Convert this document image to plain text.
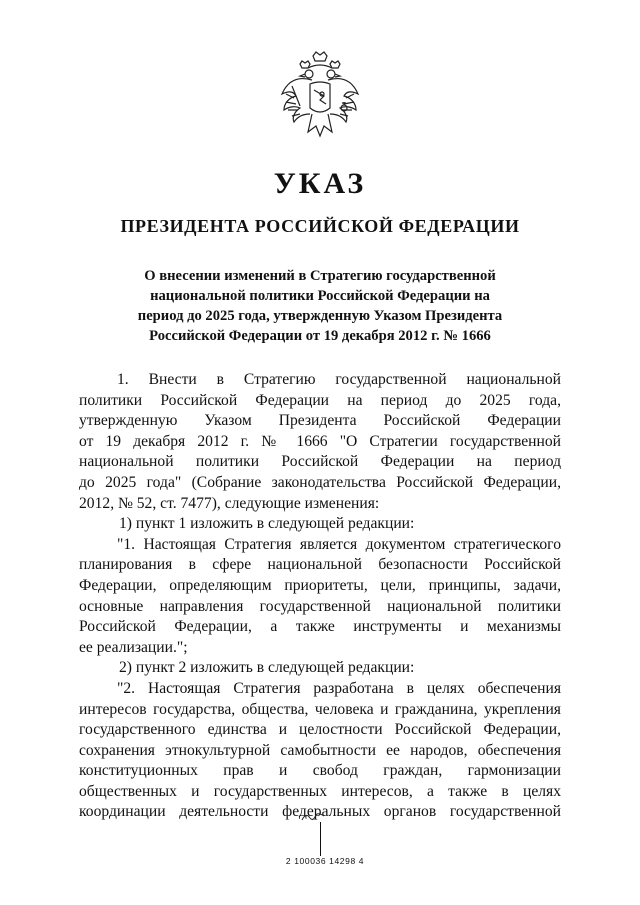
УКАЗ
ПРЕЗИДЕНТА РОССИЙСКОЙ ФЕДЕРАЦИИ
О внесении изменений в Стратегию государственной
национальной политики Российской Федерации на
период до 2025 года, утвержденную Указом Президента
Российской Федерации от 19 декабря 2012 г. № 1666
1. Внести в Стратегию государственной национальной
политики Российской Федерации на период до 2025 года,
утвержденную Указом Президента Российской Федерации
от 19 декабря 2012 г. № 1666 "О Стратегии государственной
национальной политики Российской Федерации на период
до 2025 года" (Собрание законодательства Российской Федерации,
2012, № 52, ст. 7477), следующие изменения:
1) пункт 1 изложить в следующей редакции:
"1. Настоящая Стратегия является документом стратегического
планирования в сфере национальной безопасности Российской
Федерации, определяющим приоритеты, цели, принципы, задачи,
основные направления государственной национальной политики
Российской Федерации, а также инструменты и механизмы
ее реализации.";
2) пункт 2 изложить в следующей редакции:
"2. Настоящая Стратегия разработана в целях обеспечения
интересов государства, общества, человека и гражданина, укрепления
государственного единства и целостности Российской Федерации,
сохранения этнокультурной самобытности ее народов, обеспечения
конституционных прав и свобод граждан, гармонизации
общественных и государственных интересов, а также в целях
координации деятельности федеральных органов государственной
2 100036 14298 4
